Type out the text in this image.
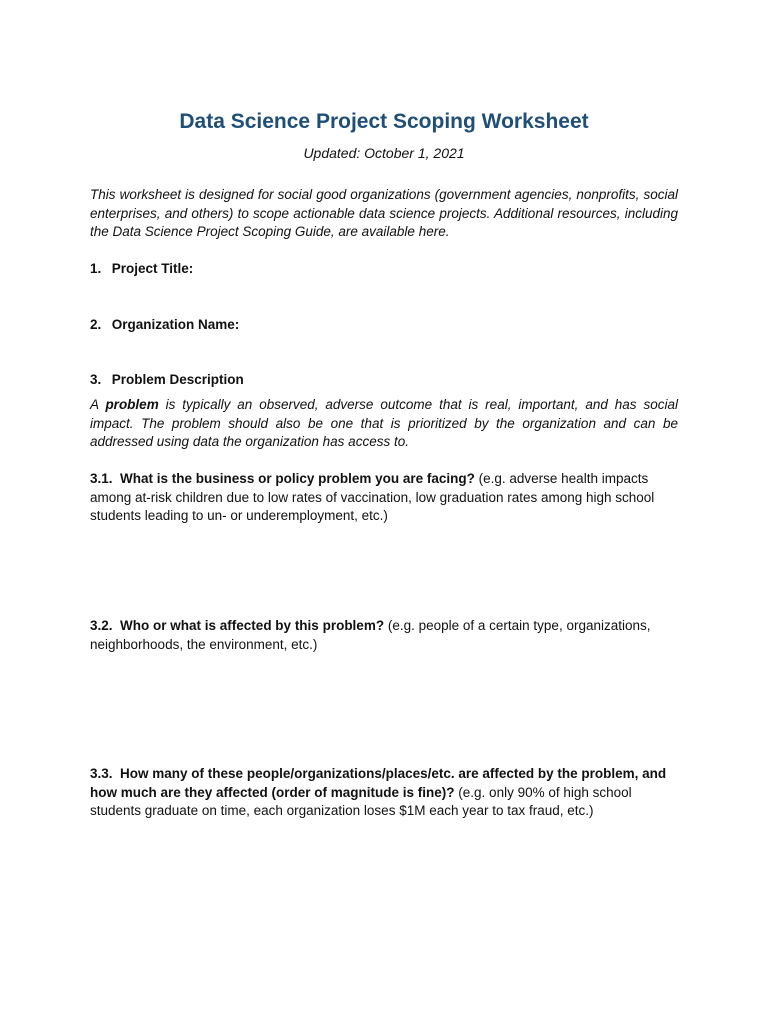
Data Science Project Scoping Worksheet
Updated: October 1, 2021
This worksheet is designed for social good organizations (government agencies, nonprofits, social enterprises, and others) to scope actionable data science projects. Additional resources, including the Data Science Project Scoping Guide, are available here.
1. Project Title:
2. Organization Name:
3. Problem Description
A problem is typically an observed, adverse outcome that is real, important, and has social impact. The problem should also be one that is prioritized by the organization and can be addressed using data the organization has access to.
3.1. What is the business or policy problem you are facing? (e.g. adverse health impacts among at-risk children due to low rates of vaccination, low graduation rates among high school students leading to un- or underemployment, etc.)
3.2. Who or what is affected by this problem? (e.g. people of a certain type, organizations, neighborhoods, the environment, etc.)
3.3. How many of these people/organizations/places/etc. are affected by the problem, and how much are they affected (order of magnitude is fine)? (e.g. only 90% of high school students graduate on time, each organization loses $1M each year to tax fraud, etc.)
